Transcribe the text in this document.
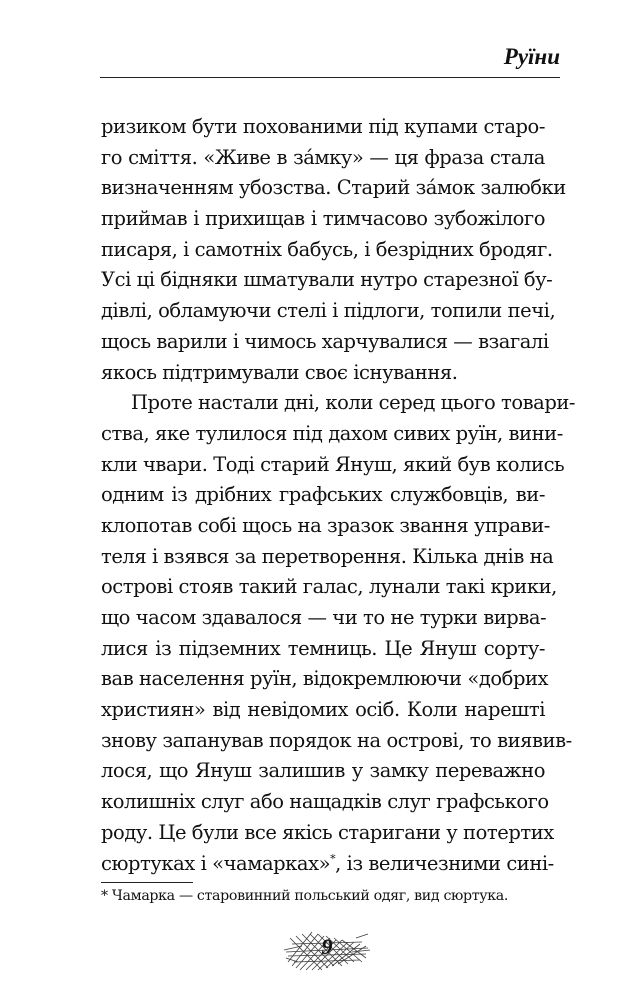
Руїни
ризиком бути похованими під купами старо-
го сміття. «Живе в за́мку» — ця фраза стала
визначенням убозства. Старий за́мок залюбки
приймав і прихищав і тимчасово зубожілого
писаря, і самотніх бабусь, і безрідних бродяг.
Усі ці бідняки шматували нутро старезної бу-
дівлі, обламуючи стелі і підлоги, топили печі,
щось варили і чимось харчувалися — взагалі
якось підтримували своє існування.
Проте настали дні, коли серед цього товари-
ства, яке тулилося під дахом сивих руїн, вини-
кли чвари. Тоді старий Януш, який був колись
одним із дрібних графських службовців, ви-
клопотав собі щось на зразок звання управи-
теля і взявся за перетворення. Кілька днів на
острові стояв такий галас, лунали такі крики,
що часом здавалося — чи то не турки вирва-
лися із підземних темниць. Це Януш сорту-
вав населення руїн, відокремлюючи «добрих
християн» від невідомих осіб. Коли нарешті
знову запанував порядок на острові, то виявив-
лося, що Януш залишив у замку переважно
колишніх слуг або нащадків слуг графського
роду. Це були все якісь старигани у потертих
сюртуках і «чамарках»*, із величезними сині-
* Чамарка — старовинний польський одяг, вид сюртука.
9
